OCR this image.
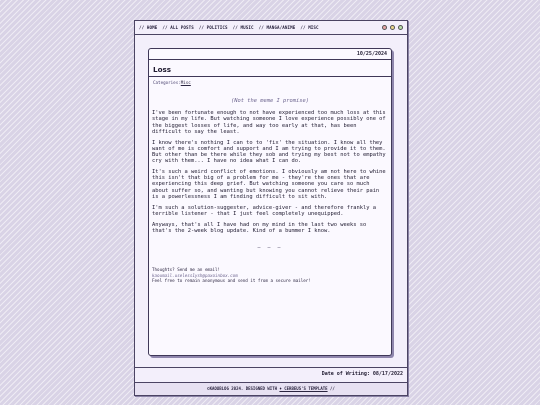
// HOME // ALL POSTS // POLITICS // MUSIC // MANGA/ANIME // MISC
10/25/2024
Loss
Categories:Misc

(Not the meme I promise)

I've been fortunate enough to not have experienced too much loss at this stage in my life. But watching someone I love experience possibly one of the biggest losses of life, and way too early at that, has been difficult to say the least.

I know there's nothing I can to to 'fix' the situation. I know all they want of me is comfort and support and I am trying to provide it to them. But other than be there while they sob and trying my best not to empathy cry with them... I have no idea what I can do.

It's such a weird conflict of emotions. I obviously am not here to whine this isn't that big of a problem for me - they're the ones that are experiencing this deep grief. But watching someone you care so much about suffer so, and wanting but knowing you cannot relieve their pain is a powerlessness I am finding difficult to sit with.

I'm such a solution-suggester, advice-giver - and therefore frankly a terrible listener - that I just feel completely unequipped.

Anyways, that's all I have had on my mind in the last two weeks so that's the 2-week blog update. Kind of a bummer I know.

— — —
Thoughts? Send me an email!
kaoumail.useless1ysh@paxoinbox.com
Feel free to remain anonymous and send it from a secure mailer!
Date of Writing: 08/17/2022
©KAOUBLOG 2024. DESIGNED WITH ♦ CERBEUS'S TEMPLATE //
